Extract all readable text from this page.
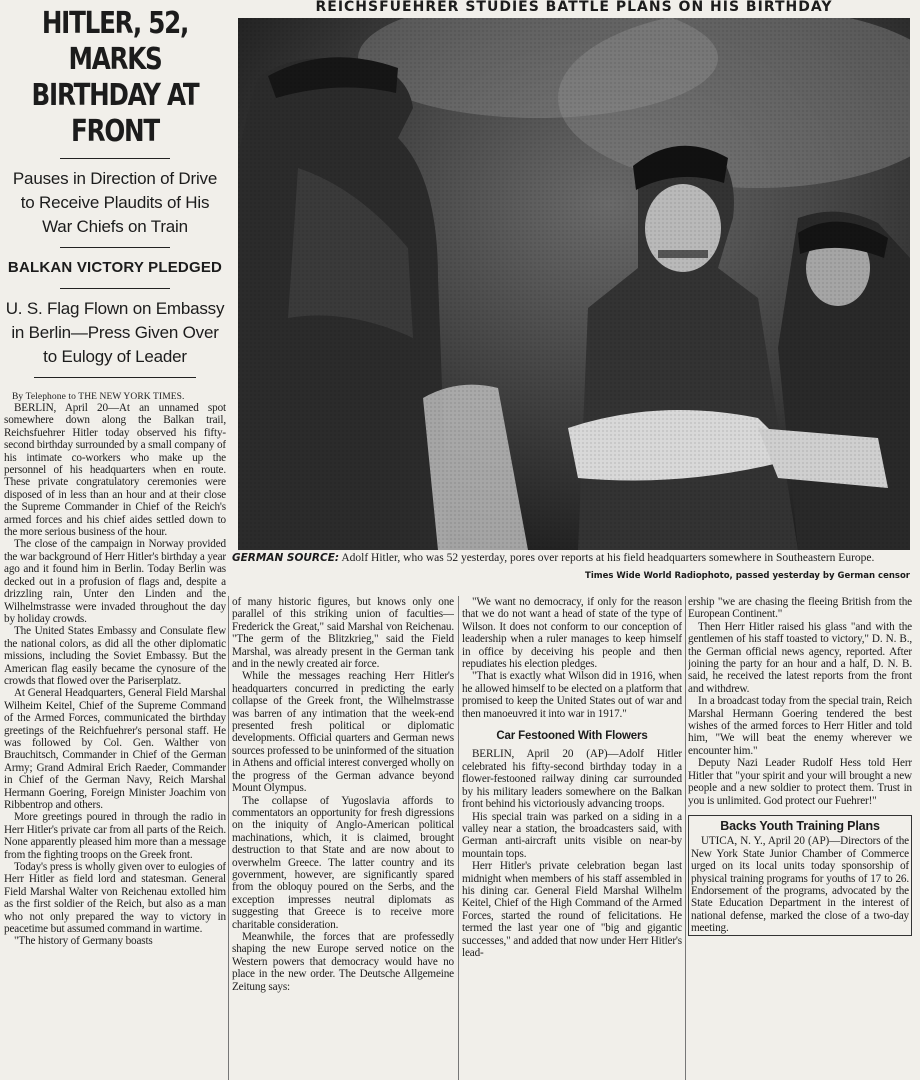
HITLER, 52, MARKS
BIRTHDAY AT FRONT
Pauses in Direction of Drive to Receive Plaudits of His War Chiefs on Train
BALKAN VICTORY PLEDGED
U. S. Flag Flown on Embassy in Berlin—Press Given Over to Eulogy of Leader
By Telephone to THE NEW YORK TIMES.

BERLIN, April 20—At an unnamed spot somewhere down along the Balkan trail, Reichsfuehrer Hitler today observed his fifty-second birthday surrounded by a small company of his intimate co-workers who make up the personnel of his headquarters when en route. These private congratulatory ceremonies were disposed of in less than an hour and at their close the Supreme Commander in Chief of the Reich's armed forces and his chief aides settled down to the more serious business of the hour.

The close of the campaign in Norway provided the war background of Herr Hitler's birthday a year ago and it found him in Berlin. Today Berlin was decked out in a profusion of flags and, despite a drizzling rain, Unter den Linden and the Wilhelmstrasse were invaded throughout the day by holiday crowds.

The United States Embassy and Consulate flew the national colors, as did all the other diplomatic missions, including the Soviet Embassy. But the American flag easily became the cynosure of the crowds that flowed over the Pariserplatz.

At General Headquarters, General Field Marshal Wilheim Keitel, Chief of the Supreme Command of the Armed Forces, communicated the birthday greetings of the Reichfuehrer's personal staff. He was followed by Col. Gen. Walther von Brauchitsch, Commander in Chief of the German Army; Grand Admiral Erich Raeder, Commander in Chief of the German Navy, Reich Marshal Hermann Goering, Foreign Minister Joachim von Ribbentrop and others.

More greetings poured in through the radio in Herr Hitler's private car from all parts of the Reich. None apparently pleased him more than a message from the fighting troops on the Greek front.

Today's press is wholly given over to eulogies of Herr Hitler as field lord and statesman. General Field Marshal Walter von Reichenau extolled him as the first soldier of the Reich, but also as a man who not only prepared the way to victory in peacetime but assumed command in wartime.

"The history of Germany boasts

REICHSFUEHRER STUDIES BATTLE PLANS ON HIS BIRTHDAY
GERMAN SOURCE: Adolf Hitler, who was 52 yesterday, pores over reports at his field headquarters somewhere in Southeastern Europe.
Times Wide World Radiophoto, passed yesterday by German censor

of many historic figures, but knows only one parallel of this striking union of faculties—Frederick the Great," said Marshal von Reichenau. "The germ of the Blitzkrieg," said the Field Marshal, was already present in the German tank and in the newly created air force.

While the messages reaching Herr Hitler's headquarters concurred in predicting the early collapse of the Greek front, the Wilhelmstrasse was barren of any intimation that the week-end presented fresh political or diplomatic developments. Official quarters and German news sources professed to be uninformed of the situation in Athens and official interest converged wholly on the progress of the German advance beyond Mount Olympus.

The collapse of Yugoslavia affords to commentators an opportunity for fresh digressions on the iniquity of Anglo-American political machinations, which, it is claimed, brought destruction to that State and are now about to overwhelm Greece. The latter country and its government, however, are significantly spared from the obloquy poured on the Serbs, and the exception impresses neutral diplomats as suggesting that Greece is to receive more charitable consideration.

Meanwhile, the forces that are professedly shaping the new Europe served notice on the Western powers that democracy would have no place in the new order. The Deutsche Allgemeine Zeitung says:

"We want no democracy, if only for the reason that we do not want a head of state of the type of Wilson. It does not conform to our conception of leadership when a ruler manages to keep himself in office by deceiving his people and then repudiates his election pledges.

"That is exactly what Wilson did in 1916, when he allowed himself to be elected on a platform that promised to keep the United States out of war and then manoeuvred it into war in 1917."

Car Festooned With Flowers

BERLIN, April 20 (AP)—Adolf Hitler celebrated his fifty-second birthday today in a flower-festooned railway dining car surrounded by his military leaders somewhere on the Balkan front behind his victoriously advancing troops.

His special train was parked on a siding in a valley near a station, the broadcasters said, with German anti-aircraft units visible on near-by mountain tops.

Herr Hitler's private celebration began last midnight when members of his staff assembled in his dining car. General Field Marshal Wilhelm Keitel, Chief of the High Command of the Armed Forces, started the round of felicitations. He termed the last year one of "big and gigantic successes," and added that now under Herr Hitler's lead-

ership "we are chasing the fleeing British from the European Continent."

Then Herr Hitler raised his glass "and with the gentlemen of his staff toasted to victory," D. N. B., the German official news agency, reported. After joining the party for an hour and a half, D. N. B. said, he received the latest reports from the front and withdrew.

In a broadcast today from the special train, Reich Marshal Hermann Goering tendered the best wishes of the armed forces to Herr Hitler and told him, "We will beat the enemy wherever we encounter him."

Deputy Nazi Leader Rudolf Hess told Herr Hitler that "your spirit and your will brought a new people and a new soldier to protect them. Trust in you is unlimited. God protect our Fuehrer!"

Backs Youth Training Plans

UTICA, N. Y., April 20 (AP)—Directors of the New York State Junior Chamber of Commerce urged on its local units today sponsorship of physical training programs for youths of 17 to 26. Endorsement of the programs, advocated by the State Education Department in the interest of national defense, marked the close of a two-day meeting.
